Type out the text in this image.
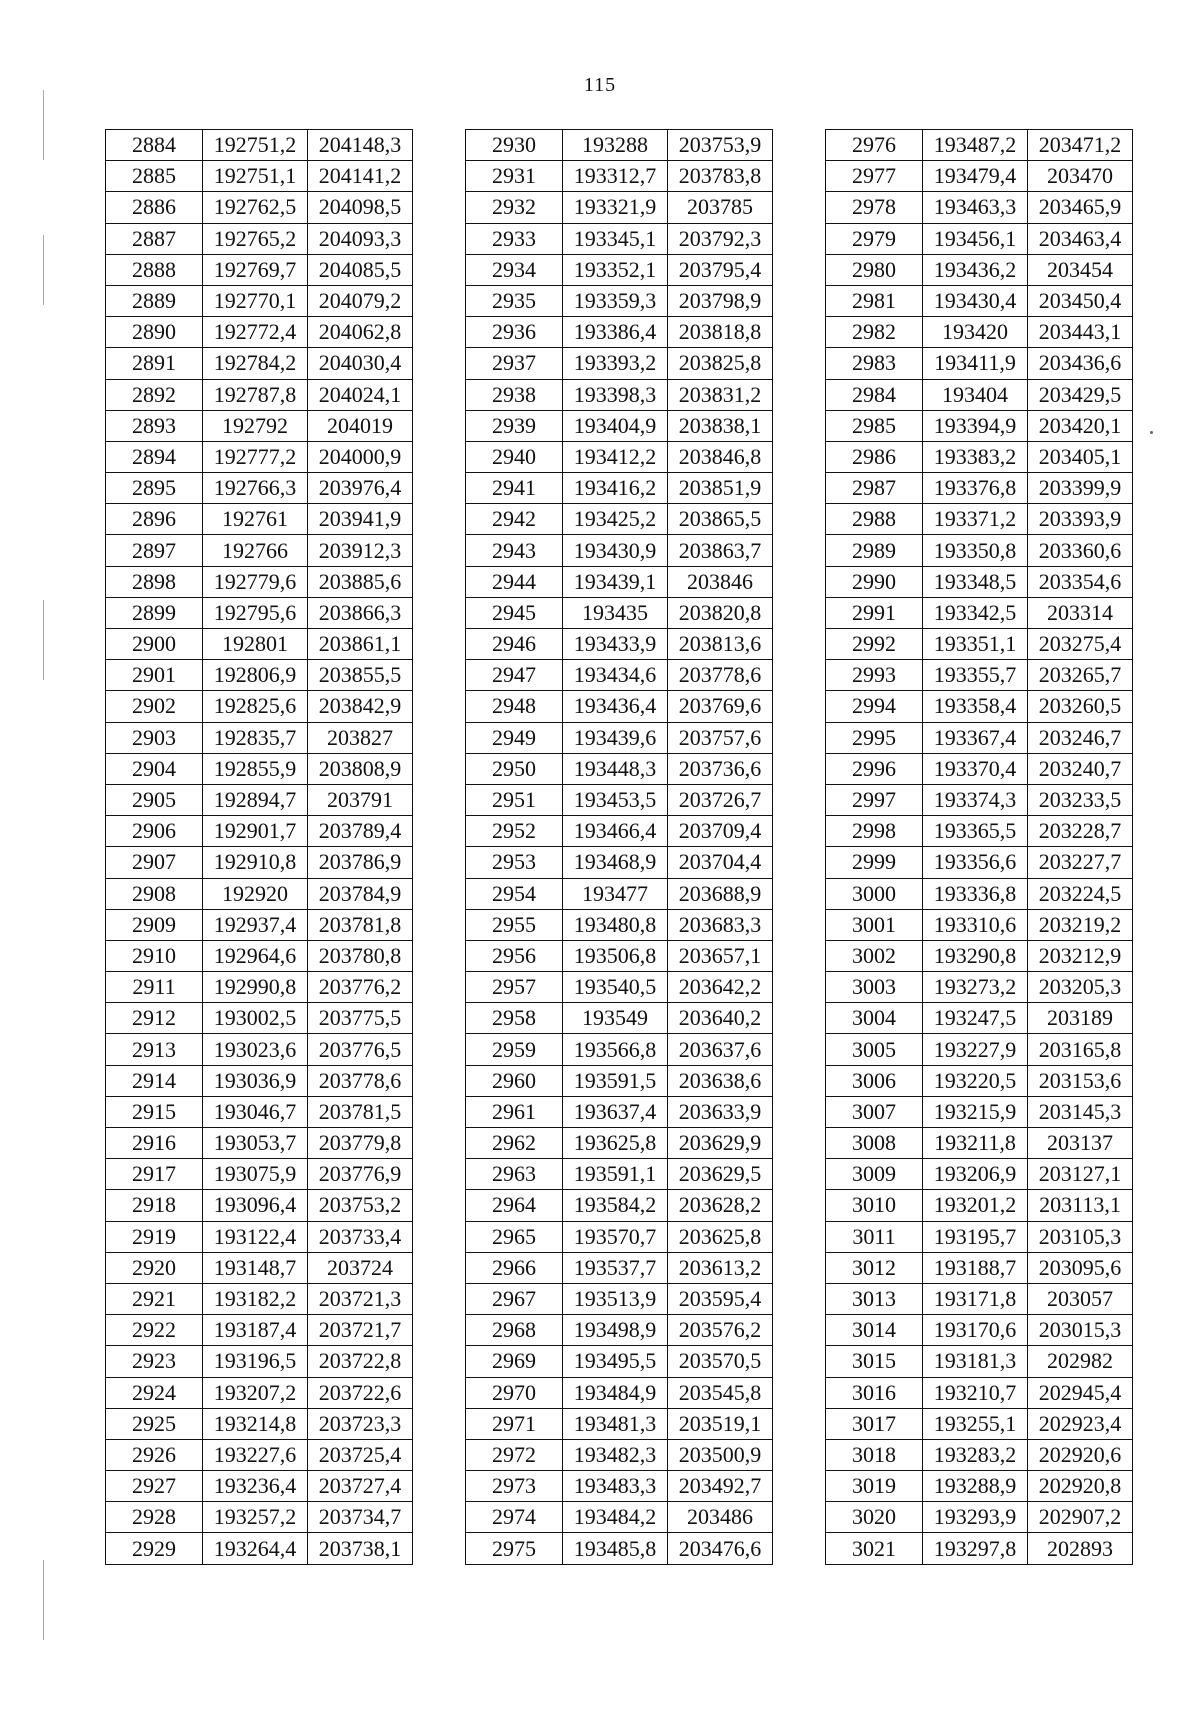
115
2884	192751,2	204148,3
2885	192751,1	204141,2
2886	192762,5	204098,5
2887	192765,2	204093,3
2888	192769,7	204085,5
2889	192770,1	204079,2
2890	192772,4	204062,8
2891	192784,2	204030,4
2892	192787,8	204024,1
2893	192792	204019
2894	192777,2	204000,9
2895	192766,3	203976,4
2896	192761	203941,9
2897	192766	203912,3
2898	192779,6	203885,6
2899	192795,6	203866,3
2900	192801	203861,1
2901	192806,9	203855,5
2902	192825,6	203842,9
2903	192835,7	203827
2904	192855,9	203808,9
2905	192894,7	203791
2906	192901,7	203789,4
2907	192910,8	203786,9
2908	192920	203784,9
2909	192937,4	203781,8
2910	192964,6	203780,8
2911	192990,8	203776,2
2912	193002,5	203775,5
2913	193023,6	203776,5
2914	193036,9	203778,6
2915	193046,7	203781,5
2916	193053,7	203779,8
2917	193075,9	203776,9
2918	193096,4	203753,2
2919	193122,4	203733,4
2920	193148,7	203724
2921	193182,2	203721,3
2922	193187,4	203721,7
2923	193196,5	203722,8
2924	193207,2	203722,6
2925	193214,8	203723,3
2926	193227,6	203725,4
2927	193236,4	203727,4
2928	193257,2	203734,7
2929	193264,4	203738,1
2930	193288	203753,9
2931	193312,7	203783,8
2932	193321,9	203785
2933	193345,1	203792,3
2934	193352,1	203795,4
2935	193359,3	203798,9
2936	193386,4	203818,8
2937	193393,2	203825,8
2938	193398,3	203831,2
2939	193404,9	203838,1
2940	193412,2	203846,8
2941	193416,2	203851,9
2942	193425,2	203865,5
2943	193430,9	203863,7
2944	193439,1	203846
2945	193435	203820,8
2946	193433,9	203813,6
2947	193434,6	203778,6
2948	193436,4	203769,6
2949	193439,6	203757,6
2950	193448,3	203736,6
2951	193453,5	203726,7
2952	193466,4	203709,4
2953	193468,9	203704,4
2954	193477	203688,9
2955	193480,8	203683,3
2956	193506,8	203657,1
2957	193540,5	203642,2
2958	193549	203640,2
2959	193566,8	203637,6
2960	193591,5	203638,6
2961	193637,4	203633,9
2962	193625,8	203629,9
2963	193591,1	203629,5
2964	193584,2	203628,2
2965	193570,7	203625,8
2966	193537,7	203613,2
2967	193513,9	203595,4
2968	193498,9	203576,2
2969	193495,5	203570,5
2970	193484,9	203545,8
2971	193481,3	203519,1
2972	193482,3	203500,9
2973	193483,3	203492,7
2974	193484,2	203486
2975	193485,8	203476,6
2976	193487,2	203471,2
2977	193479,4	203470
2978	193463,3	203465,9
2979	193456,1	203463,4
2980	193436,2	203454
2981	193430,4	203450,4
2982	193420	203443,1
2983	193411,9	203436,6
2984	193404	203429,5
2985	193394,9	203420,1
2986	193383,2	203405,1
2987	193376,8	203399,9
2988	193371,2	203393,9
2989	193350,8	203360,6
2990	193348,5	203354,6
2991	193342,5	203314
2992	193351,1	203275,4
2993	193355,7	203265,7
2994	193358,4	203260,5
2995	193367,4	203246,7
2996	193370,4	203240,7
2997	193374,3	203233,5
2998	193365,5	203228,7
2999	193356,6	203227,7
3000	193336,8	203224,5
3001	193310,6	203219,2
3002	193290,8	203212,9
3003	193273,2	203205,3
3004	193247,5	203189
3005	193227,9	203165,8
3006	193220,5	203153,6
3007	193215,9	203145,3
3008	193211,8	203137
3009	193206,9	203127,1
3010	193201,2	203113,1
3011	193195,7	203105,3
3012	193188,7	203095,6
3013	193171,8	203057
3014	193170,6	203015,3
3015	193181,3	202982
3016	193210,7	202945,4
3017	193255,1	202923,4
3018	193283,2	202920,6
3019	193288,9	202920,8
3020	193293,9	202907,2
3021	193297,8	202893
